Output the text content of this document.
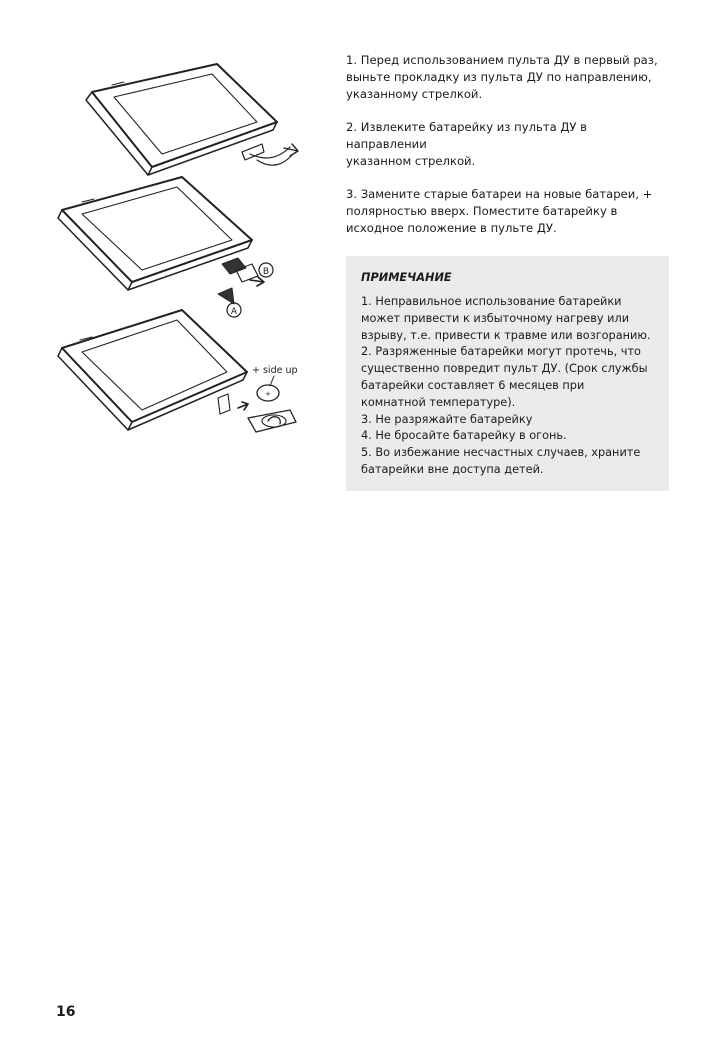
B
A
+ side up
+
1. Перед использованием пульта ДУ в первый раз,
выньте прокладку из пульта ДУ по направлению,
указанному стрелкой.
2. Извлеките батарейку из пульта ДУ в
направлении
указанном стрелкой.
3. Замените старые батареи на новые батареи, +
полярностью вверх. Поместите батарейку в
исходное положение в пульте ДУ.
ПРИМЕЧАНИЕ
1. Неправильное использование батарейки
может привести к избыточному нагреву или
взрыву, т.е. привести к травме или возгоранию.
2. Разряженные батарейки могут протечь, что
существенно повредит пульт ДУ. (Срок службы
батарейки составляет 6 месяцев при
комнатной температуре).
3. Не разряжайте батарейку
4. Не бросайте батарейку в огонь.
5. Во избежание несчастных случаев, храните
батарейки вне доступа детей.
16
